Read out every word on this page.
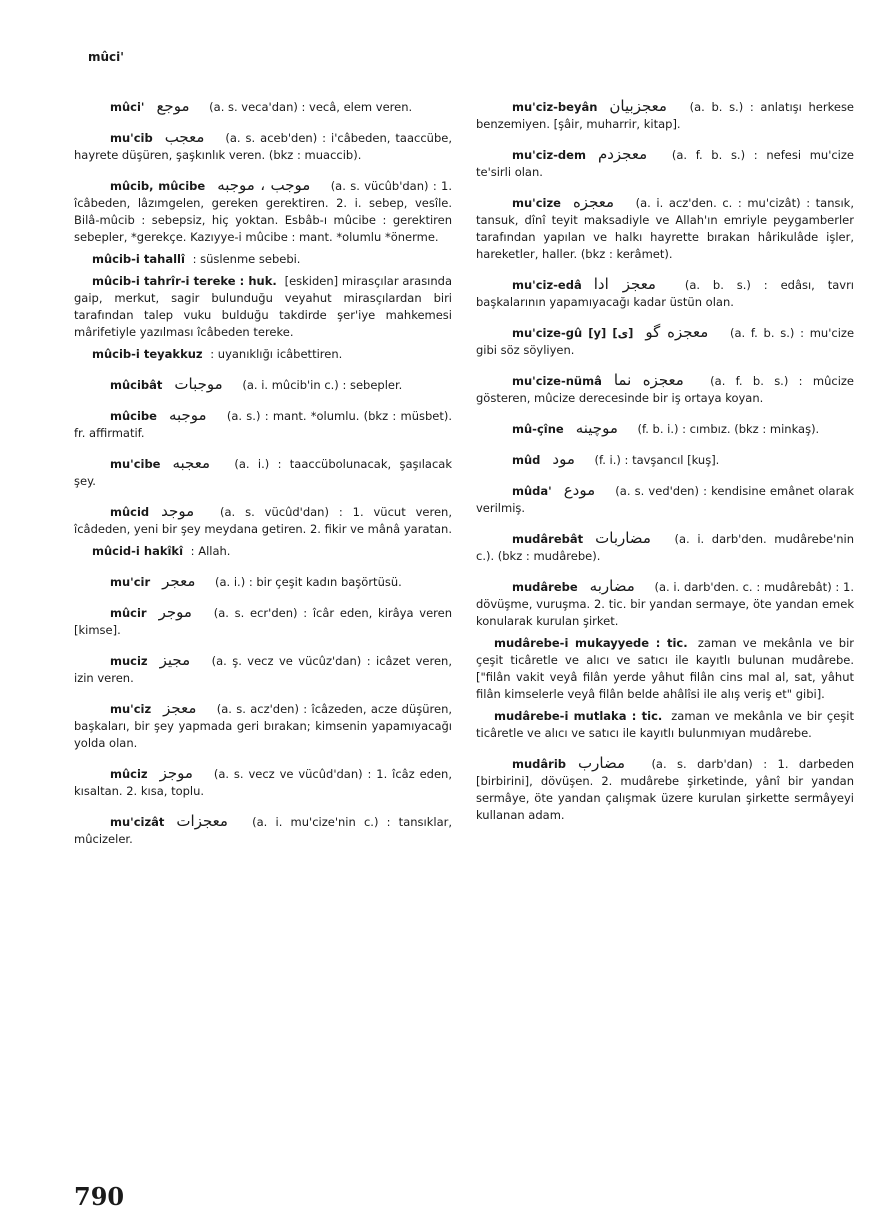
mûci'
mûci' موجع (a. s. veca'dan) : vecâ, elem veren.
mu'cib معجب (a. s. aceb'den) : i'câbeden, taaccübe, hayrete düşüren, şaşkınlık veren. (bkz : muaccib).
mûcib, mûcibe موجب ، موجبه (a. s. vücûb'dan) : 1. îcâbeden, lâzımgelen, gereken gerektiren. 2. i. sebep, vesîle. Bilâ-mûcib : sebepsiz, hiç yoktan. Esbâb-ı mûcibe : gerektiren sebepler, *gerekçe. Kazıyye-i mûcibe : mant. *olumlu *önerme.
mûcib-i tahallî : süslenme sebebi.
mûcib-i tahrîr-i tereke : huk. [eskiden] mirasçılar arasında gaip, merkut, sagir bulunduğu veyahut mirasçılardan biri tarafından talep vuku bulduğu takdirde şer'iye mahkemesi mârifetiyle yazılması îcâbeden tereke.
mûcib-i teyakkuz : uyanıklığı icâbettiren.
mûcibât موجبات (a. i. mûcib'in c.) : sebepler.
mûcibe موجبه (a. s.) : mant. *olumlu. (bkz : müsbet). fr. affirmatif.
mu'cibe معجبه (a. i.) : taaccübolunacak, şaşılacak şey.
mûcid موجد (a. s. vücûd'dan) : 1. vücut veren, îcâdeden, yeni bir şey meydana getiren. 2. fikir ve mânâ yaratan.
mûcid-i hakîkî : Allah.
mu'cir معجر (a. i.) : bir çeşit kadın başörtüsü.
mûcir موجر (a. s. ecr'den) : îcâr eden, kirâya veren [kimse].
muciz مجيز (a. ş. vecz ve vücûz'dan) : icâzet veren, izin veren.
mu'ciz معجز (a. s. acz'den) : îcâzeden, acze düşüren, başkaları, bir şey yapmada geri bırakan; kimsenin yapamıyacağı yolda olan.
mûciz موجز (a. s. vecz ve vücûd'dan) : 1. îcâz eden, kısaltan. 2. kısa, toplu.
mu'cizât معجزات (a. i. mu'cize'nin c.) : tansıklar, mûcizeler.
mu'ciz-beyân معجزبيان (a. b. s.) : anlatışı herkese benzemiyen. [şâir, muharrir, kitap].
mu'ciz-dem معجزدم (a. f. b. s.) : nefesi mu'cize te'sirli olan.
mu'cize معجزه (a. i. acz'den. c. : mu'cizât) : tansık, tansuk, dînî teyit maksadiyle ve Allah'ın emriyle peygamberler tarafından yapılan ve halkı hayrette bırakan hârikulâde işler, hareketler, haller. (bkz : kerâmet).
mu'ciz-edâ معجز ادا	(a. b. s.) : edâsı, tavrı başkalarının yapamıyacağı kadar üstün olan.
mu'cize-gû [y] [ى] معجزه گو (a. f. b. s.) : mu'cize gibi söz söyliyen.
mu'cize-nümâ معجزه نما (a. f. b. s.) : mûcize gösteren, mûcize derecesinde bir iş ortaya koyan.
mû-çîne موچينه (f. b. i.) : cımbız. (bkz : minkaş).
mûd مود (f. i.) : tavşancıl [kuş].
mûda' مودع (a. s. ved'den) : kendisine emânet olarak verilmiş.
mudârebât مضاربات (a. i. darb'den. mudârebe'nin c.). (bkz : mudârebe).
mudârebe مضاربه (a. i. darb'den. c. : mudârebât) : 1. dövüşme, vuruşma. 2. tic. bir yandan sermaye, öte yandan emek konularak kurulan şirket.
mudârebe-i mukayyede : tic. zaman ve mekânla ve bir çeşit ticâretle ve alıcı ve satıcı ile kayıtlı bulunan mudârebe. ["filân vakit veyâ filân yerde yâhut filân cins mal al, sat, yâhut filân kimselerle veyâ filân belde ahâlîsi ile alış veriş et" gibi].
mudârebe-i mutlaka : tic. zaman ve mekânla ve bir çeşit ticâretle ve alıcı ve satıcı ile kayıtlı bulunmıyan mudârebe.
mudârib مضارب (a. s. darb'dan) : 1. darbeden [birbirini], dövüşen. 2. mudârebe şirketinde, yânî bir yandan sermâye, öte yandan çalışmak üzere kurulan şirkette sermâyeyi kullanan adam.
790
